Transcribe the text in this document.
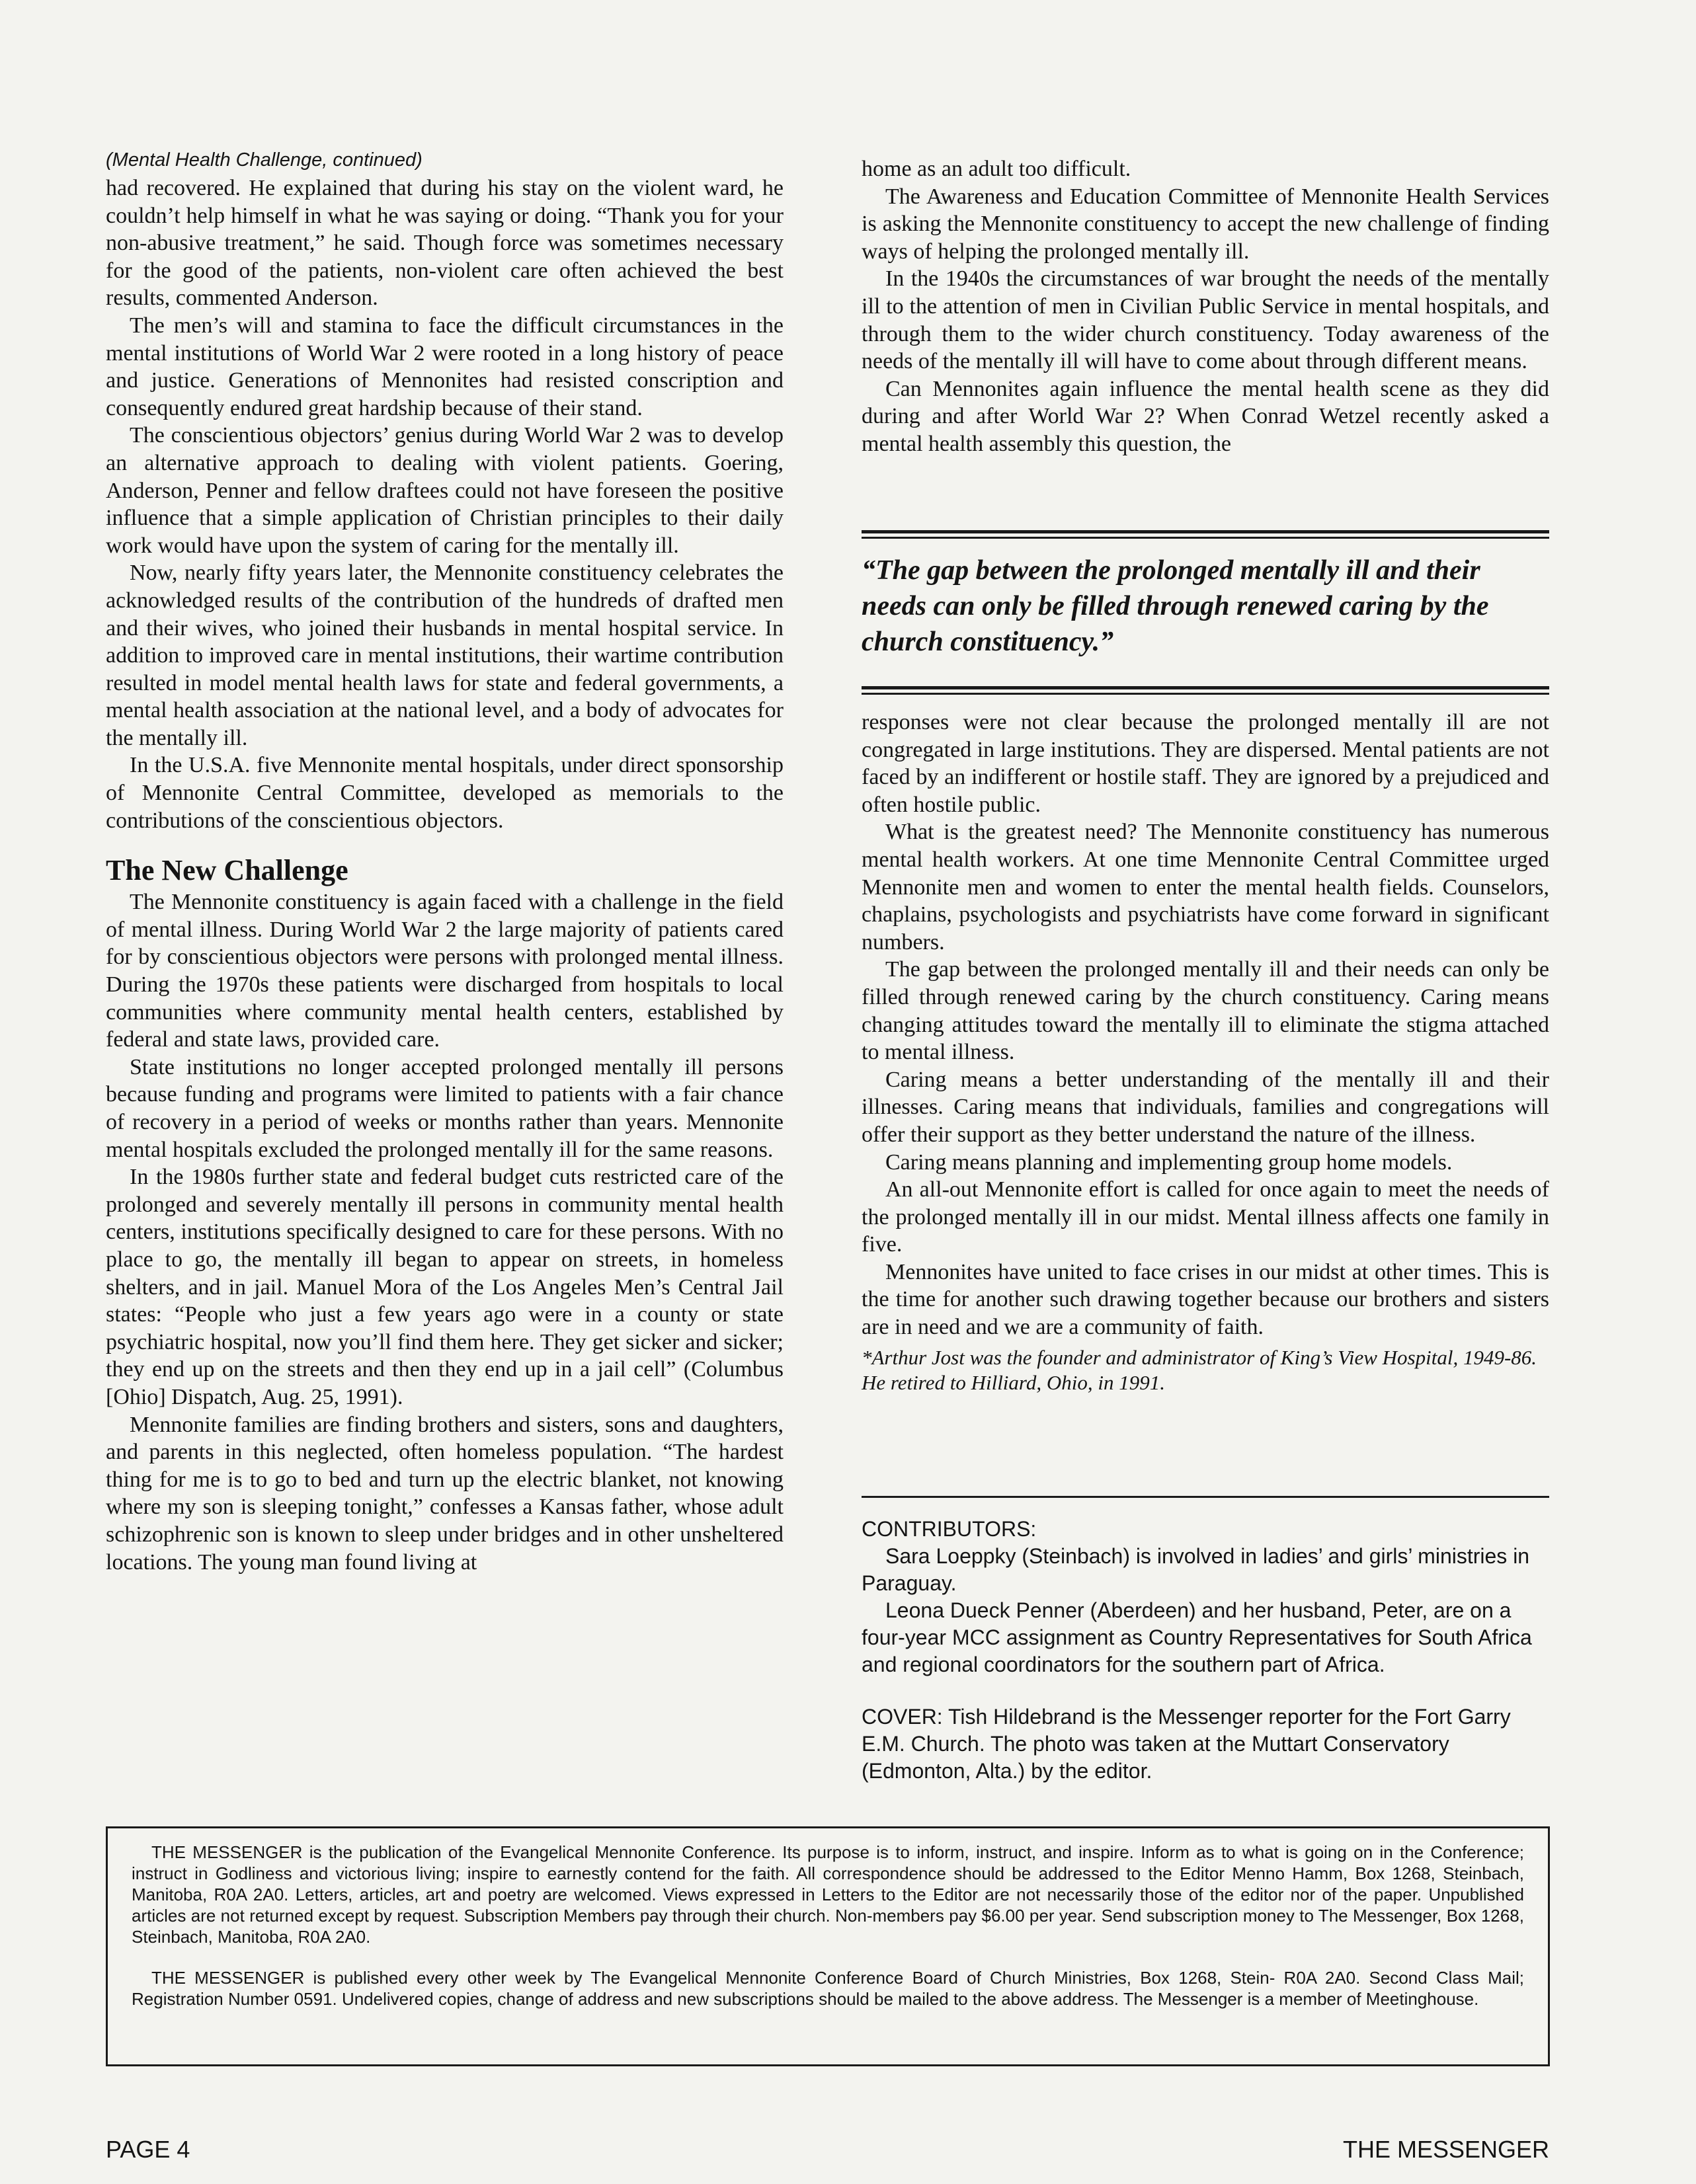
(Mental Health Challenge, continued)

had recovered. He explained that during his stay on the violent ward, he couldn’t help himself in what he was saying or doing. “Thank you for your non-abusive treatment,” he said. Though force was sometimes necessary for the good of the patients, non-violent care often achieved the best results, commented Anderson.

The men’s will and stamina to face the difficult circumstances in the mental institutions of World War 2 were rooted in a long history of peace and justice. Generations of Mennonites had resisted conscription and consequently endured great hardship because of their stand.

The conscientious objectors’ genius during World War 2 was to develop an alternative approach to dealing with violent patients. Goering, Anderson, Penner and fellow draftees could not have foreseen the positive influence that a simple application of Christian principles to their daily work would have upon the system of caring for the mentally ill.

Now, nearly fifty years later, the Mennonite constituency celebrates the acknowledged results of the contribution of the hundreds of drafted men and their wives, who joined their husbands in mental hospital service. In addition to improved care in mental institutions, their wartime contribution resulted in model mental health laws for state and federal governments, a mental health association at the national level, and a body of advocates for the mentally ill.

In the U.S.A. five Mennonite mental hospitals, under direct sponsorship of Mennonite Central Committee, developed as memorials to the contributions of the conscientious objectors.

The New Challenge

The Mennonite constituency is again faced with a challenge in the field of mental illness. During World War 2 the large majority of patients cared for by conscientious objectors were persons with prolonged mental illness. During the 1970s these patients were discharged from hospitals to local communities where community mental health centers, established by federal and state laws, provided care.

State institutions no longer accepted prolonged mentally ill persons because funding and programs were limited to patients with a fair chance of recovery in a period of weeks or months rather than years. Mennonite mental hospitals excluded the prolonged mentally ill for the same reasons.

In the 1980s further state and federal budget cuts restricted care of the prolonged and severely mentally ill persons in community mental health centers, institutions specifically designed to care for these persons. With no place to go, the mentally ill began to appear on streets, in homeless shelters, and in jail. Manuel Mora of the Los Angeles Men’s Central Jail states: “People who just a few years ago were in a county or state psychiatric hospital, now you’ll find them here. They get sicker and sicker; they end up on the streets and then they end up in a jail cell” (Columbus [Ohio] Dispatch, Aug. 25, 1991).

Mennonite families are finding brothers and sisters, sons and daughters, and parents in this neglected, often homeless population. “The hardest thing for me is to go to bed and turn up the electric blanket, not knowing where my son is sleeping tonight,” confesses a Kansas father, whose adult schizophrenic son is known to sleep under bridges and in other unsheltered locations. The young man found living at

home as an adult too difficult.

The Awareness and Education Committee of Mennonite Health Services is asking the Mennonite constituency to accept the new challenge of finding ways of helping the prolonged mentally ill.

In the 1940s the circumstances of war brought the needs of the mentally ill to the attention of men in Civilian Public Service in mental hospitals, and through them to the wider church constituency. Today awareness of the needs of the mentally ill will have to come about through different means.

Can Mennonites again influence the mental health scene as they did during and after World War 2? When Conrad Wetzel recently asked a mental health assembly this question, the

“The gap between the prolonged mentally ill and their needs can only be filled through renewed caring by the church constituency.”

responses were not clear because the prolonged mentally ill are not congregated in large institutions. They are dispersed. Mental patients are not faced by an indifferent or hostile staff. They are ignored by a prejudiced and often hostile public.

What is the greatest need? The Mennonite constituency has numerous mental health workers. At one time Mennonite Central Committee urged Mennonite men and women to enter the mental health fields. Counselors, chaplains, psychologists and psychiatrists have come forward in significant numbers.

The gap between the prolonged mentally ill and their needs can only be filled through renewed caring by the church constituency. Caring means changing attitudes toward the mentally ill to eliminate the stigma attached to mental illness.

Caring means a better understanding of the mentally ill and their illnesses. Caring means that individuals, families and congregations will offer their support as they better understand the nature of the illness.

Caring means planning and implementing group home models.

An all-out Mennonite effort is called for once again to meet the needs of the prolonged mentally ill in our midst. Mental illness affects one family in five.

Mennonites have united to face crises in our midst at other times. This is the time for another such drawing together because our brothers and sisters are in need and we are a community of faith.

*Arthur Jost was the founder and administrator of King’s View Hospital, 1949-86. He retired to Hilliard, Ohio, in 1991.

CONTRIBUTORS:

Sara Loeppky (Steinbach) is involved in ladies’ and girls’ ministries in Paraguay.

Leona Dueck Penner (Aberdeen) and her husband, Peter, are on a four-year MCC assignment as Country Representatives for South Africa and regional coordinators for the southern part of Africa.

COVER: Tish Hildebrand is the Messenger reporter for the Fort Garry E.M. Church. The photo was taken at the Muttart Conservatory (Edmonton, Alta.) by the editor.

THE MESSENGER is the publication of the Evangelical Mennonite Conference. Its purpose is to inform, instruct, and inspire. Inform as to what is going on in the Conference; instruct in Godliness and victorious living; inspire to earnestly contend for the faith. All correspondence should be addressed to the Editor Menno Hamm, Box 1268, Steinbach, Manitoba, R0A 2A0. Letters, articles, art and poetry are welcomed. Views expressed in Letters to the Editor are not necessarily those of the editor nor of the paper. Unpublished articles are not returned except by request. Subscription Members pay through their church. Non-members pay $6.00 per year. Send subscription money to The Messenger, Box 1268, Steinbach, Manitoba, R0A 2A0.

THE MESSENGER is published every other week by The Evangelical Mennonite Conference Board of Church Ministries, Box 1268, Stein- R0A 2A0. Second Class Mail; Registration Number 0591. Undelivered copies, change of address and new subscriptions should be mailed to the above address. The Messenger is a member of Meetinghouse.

PAGE 4	THE MESSENGER
